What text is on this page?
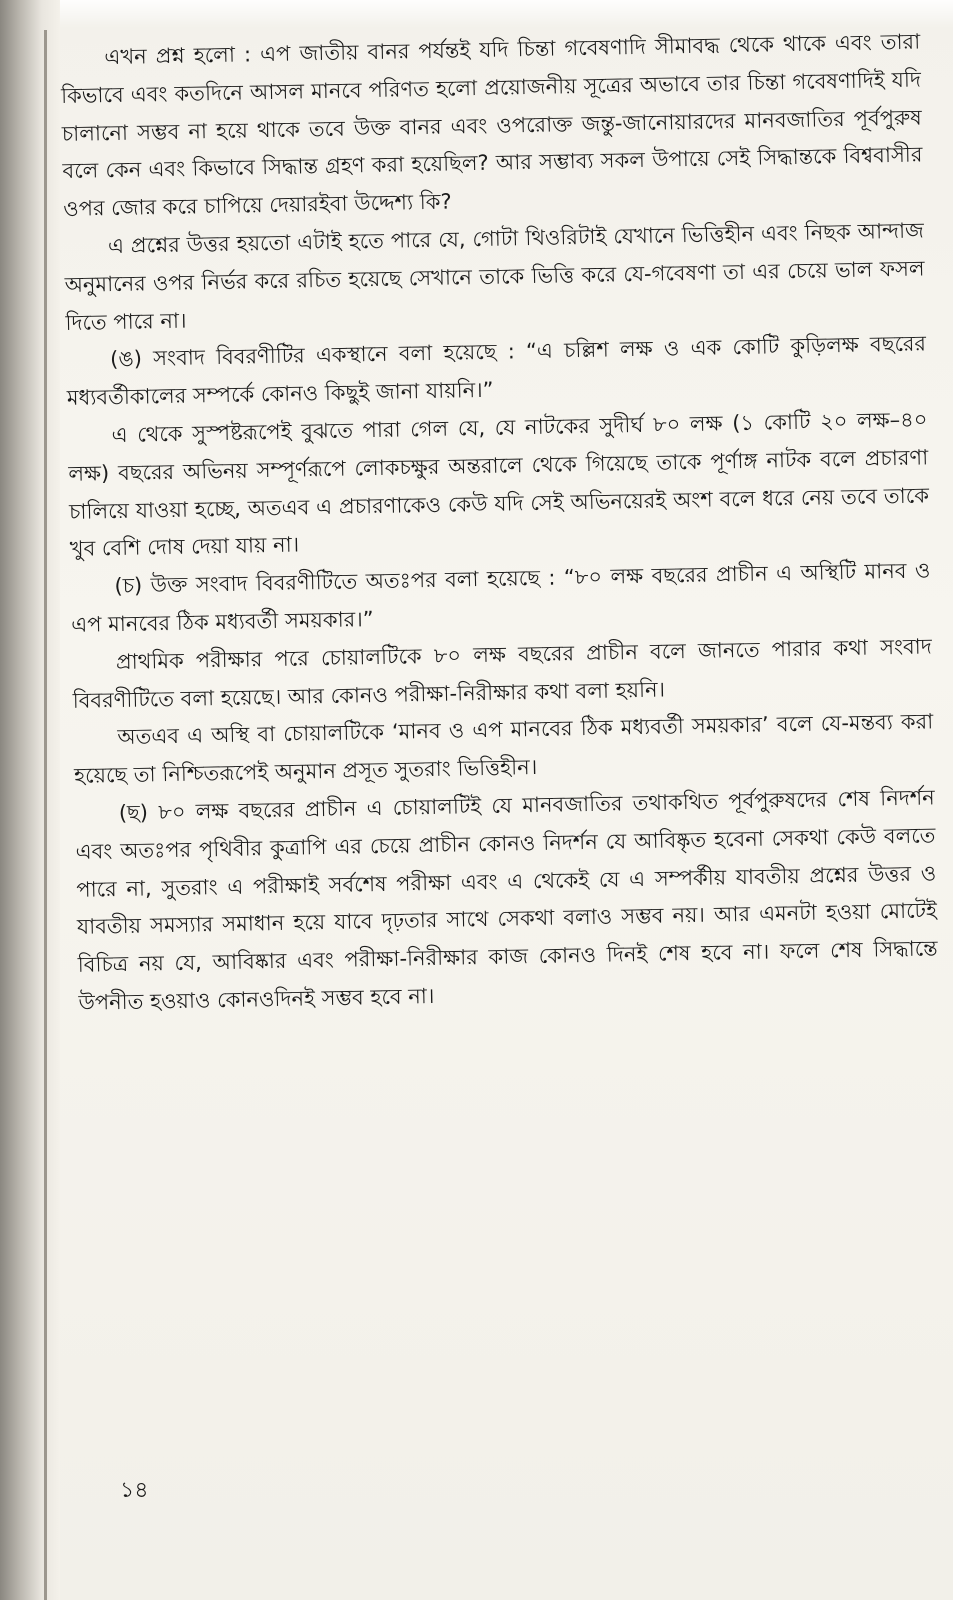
এখন প্রশ্ন হলো : এপ জাতীয় বানর পর্যন্তই যদি চিন্তা গবেষণাদি সীমাবদ্ধ থেকে থাকে এবং তারা কিভাবে এবং কতদিনে আসল মানবে পরিণত হলো প্রয়োজনীয় সূত্রের অভাবে তার চিন্তা গবেষণাদিই যদি চালানো সম্ভব না হয়ে থাকে তবে উক্ত বানর এবং ওপরোক্ত জন্তু-জানোয়ারদের মানবজাতির পূর্বপুরুষ বলে কেন এবং কিভাবে সিদ্ধান্ত গ্রহণ করা হয়েছিল? আর সম্ভাব্য সকল উপায়ে সেই সিদ্ধান্তকে বিশ্ববাসীর ওপর জোর করে চাপিয়ে দেয়ারইবা উদ্দেশ্য কি?

এ প্রশ্নের উত্তর হয়তো এটাই হতে পারে যে, গোটা থিওরিটাই যেখানে ভিত্তিহীন এবং নিছক আন্দাজ অনুমানের ওপর নির্ভর করে রচিত হয়েছে সেখানে তাকে ভিত্তি করে যে-গবেষণা তা এর চেয়ে ভাল ফসল দিতে পারে না।

(ঙ) সংবাদ বিবরণীটির একস্থানে বলা হয়েছে : “এ চল্লিশ লক্ষ ও এক কোটি কুড়িলক্ষ বছরের মধ্যবর্তীকালের সম্পর্কে কোনও কিছুই জানা যায়নি।”

এ থেকে সুস্পষ্টরূপেই বুঝতে পারা গেল যে, যে নাটকের সুদীর্ঘ ৮০ লক্ষ (১ কোটি ২০ লক্ষ–৪০ লক্ষ) বছরের অভিনয় সম্পূর্ণরূপে লোকচক্ষুর অন্তরালে থেকে গিয়েছে তাকে পূর্ণাঙ্গ নাটক বলে প্রচারণা চালিয়ে যাওয়া হচ্ছে, অতএব এ প্রচারণাকেও কেউ যদি সেই অভিনয়েরই অংশ বলে ধরে নেয় তবে তাকে খুব বেশি দোষ দেয়া যায় না।

(চ) উক্ত সংবাদ বিবরণীটিতে অতঃপর বলা হয়েছে : “৮০ লক্ষ বছরের প্রাচীন এ অস্থিটি মানব ও এপ মানবের ঠিক মধ্যবর্তী সময়কার।”

প্রাথমিক পরীক্ষার পরে চোয়ালটিকে ৮০ লক্ষ বছরের প্রাচীন বলে জানতে পারার কথা সংবাদ বিবরণীটিতে বলা হয়েছে। আর কোনও পরীক্ষা-নিরীক্ষার কথা বলা হয়নি।

অতএব এ অস্থি বা চোয়ালটিকে ‘মানব ও এপ মানবের ঠিক মধ্যবর্তী সময়কার’ বলে যে-মন্তব্য করা হয়েছে তা নিশ্চিতরূপেই অনুমান প্রসূত সুতরাং ভিত্তিহীন।

(ছ) ৮০ লক্ষ বছরের প্রাচীন এ চোয়ালটিই যে মানবজাতির তথাকথিত পূর্বপুরুষদের শেষ নিদর্শন এবং অতঃপর পৃথিবীর কুত্রাপি এর চেয়ে প্রাচীন কোনও নিদর্শন যে আবিষ্কৃত হবেনা সেকথা কেউ বলতে পারে না, সুতরাং এ পরীক্ষাই সর্বশেষ পরীক্ষা এবং এ থেকেই যে এ সম্পর্কীয় যাবতীয় প্রশ্নের উত্তর ও যাবতীয় সমস্যার সমাধান হয়ে যাবে দৃঢ়তার সাথে সেকথা বলাও সম্ভব নয়। আর এমনটা হওয়া মোটেই বিচিত্র নয় যে, আবিষ্কার এবং পরীক্ষা-নিরীক্ষার কাজ কোনও দিনই শেষ হবে না। ফলে শেষ সিদ্ধান্তে উপনীত হওয়াও কোনওদিনই সম্ভব হবে না।

১৪
